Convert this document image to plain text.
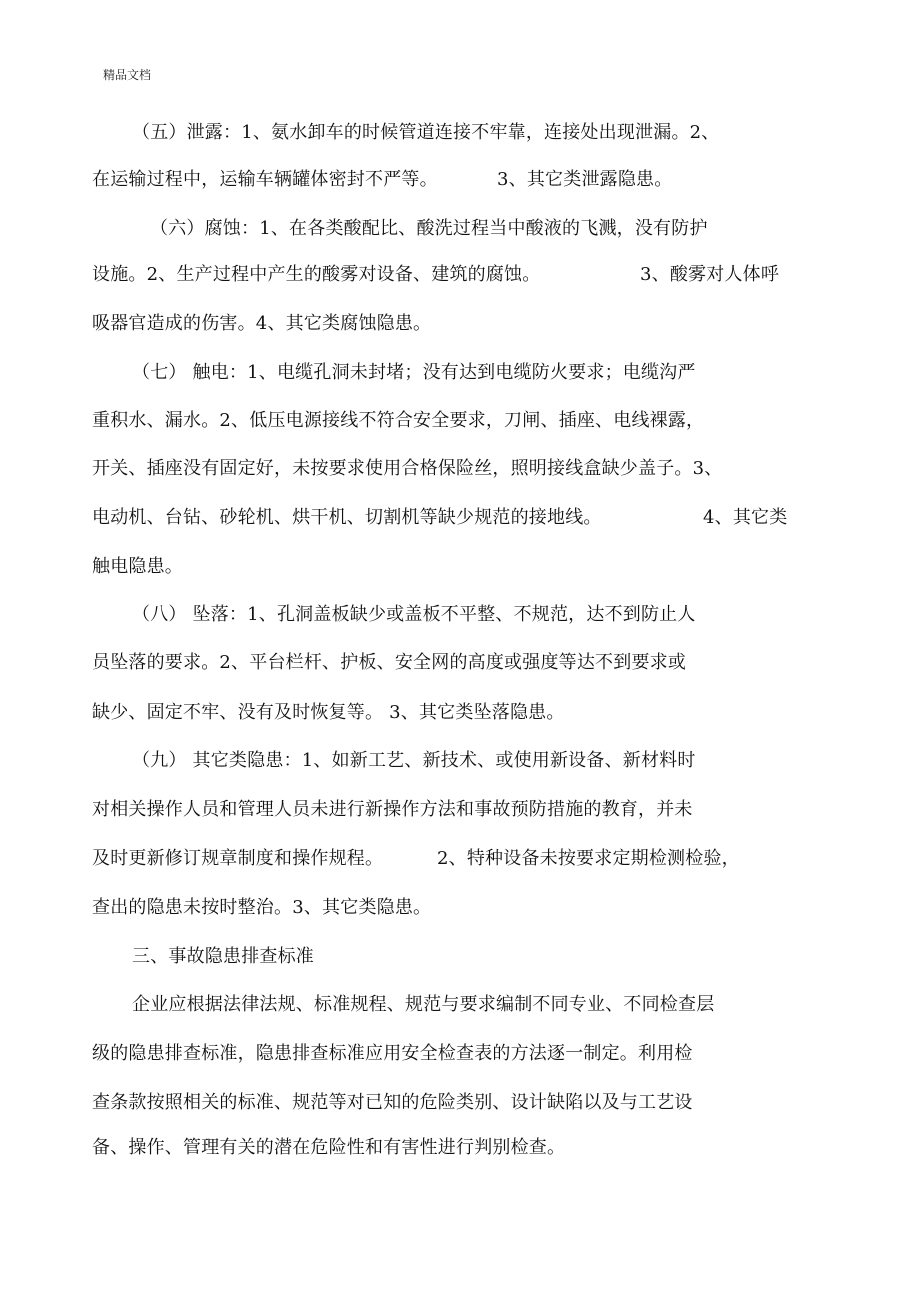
精品文档
（五）泄露：1、氨水卸车的时候管道连接不牢靠，连接处出现泄漏。2、
在运输过程中，运输车辆罐体密封不严等。	3、其它类泄露隐患。
（六）腐蚀：1、在各类酸配比、酸洗过程当中酸液的飞溅，没有防护
设施。2、生产过程中产生的酸雾对设备、建筑的腐蚀。	3、酸雾对人体呼
吸器官造成的伤害。4、其它类腐蚀隐患。
（七） 触电：1、电缆孔洞未封堵；没有达到电缆防火要求；电缆沟严
重积水、漏水。2、低压电源接线不符合安全要求，刀闸、插座、电线裸露，
开关、插座没有固定好，未按要求使用合格保险丝，照明接线盒缺少盖子。3、
电动机、台钻、砂轮机、烘干机、切割机等缺少规范的接地线。	4、其它类
触电隐患。
（八） 坠落：1、孔洞盖板缺少或盖板不平整、不规范，达不到防止人
员坠落的要求。2、平台栏杆、护板、安全网的高度或强度等达不到要求或
缺少、固定不牢、没有及时恢复等。 3、其它类坠落隐患。
（九） 其它类隐患：1、如新工艺、新技术、或使用新设备、新材料时
对相关操作人员和管理人员未进行新操作方法和事故预防措施的教育，并未
及时更新修订规章制度和操作规程。	2、特种设备未按要求定期检测检验，
查出的隐患未按时整治。3、其它类隐患。
三、事故隐患排查标准
企业应根据法律法规、标准规程、规范与要求编制不同专业、不同检查层
级的隐患排查标准，隐患排查标准应用安全检查表的方法逐一制定。利用检
查条款按照相关的标准、规范等对已知的危险类别、设计缺陷以及与工艺设
备、操作、管理有关的潜在危险性和有害性进行判别检查。
